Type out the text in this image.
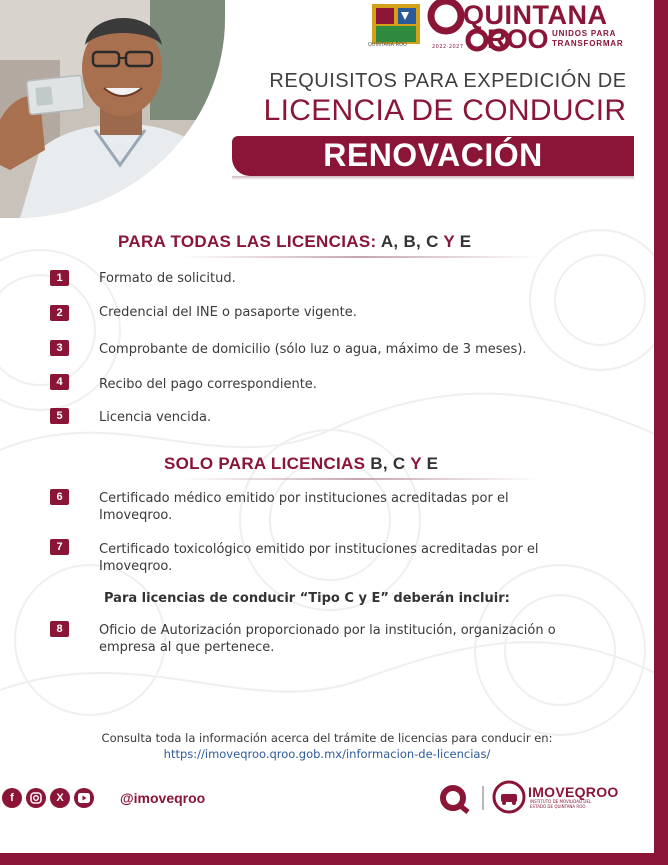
QUINTANA ROO
QUINTANA
ROO UNIDOS PARA
TRANSFORMAR
2022·2027
REQUISITOS PARA EXPEDICIÓN DE
LICENCIA DE CONDUCIR
RENOVACIÓN
PARA TODAS LAS LICENCIAS: A, B, C Y E
1	Formato de solicitud.
2	Credencial del INE o pasaporte vigente.
3	Comprobante de domicilio (sólo luz o agua, máximo de 3 meses).
4	Recibo del pago correspondiente.
5	Licencia vencida.
SOLO PARA LICENCIAS B, C Y E
6	Certificado médico emitido por instituciones acreditadas por el Imoveqroo.
7	Certificado toxicológico emitido por instituciones acreditadas por el Imoveqroo.
Para licencias de conducir “Tipo C y E” deberán incluir:
8	Oficio de Autorización proporcionado por la institución, organización o empresa al que pertenece.
Consulta toda la información acerca del trámite de licencias para conducir en:
https://imoveqroo.qroo.gob.mx/informacion-de-licencias/
f	X	@imoveqroo	IMOVEQROO
INSTITUTO DE MOVILIDAD DEL ESTADO DE QUINTANA ROO
